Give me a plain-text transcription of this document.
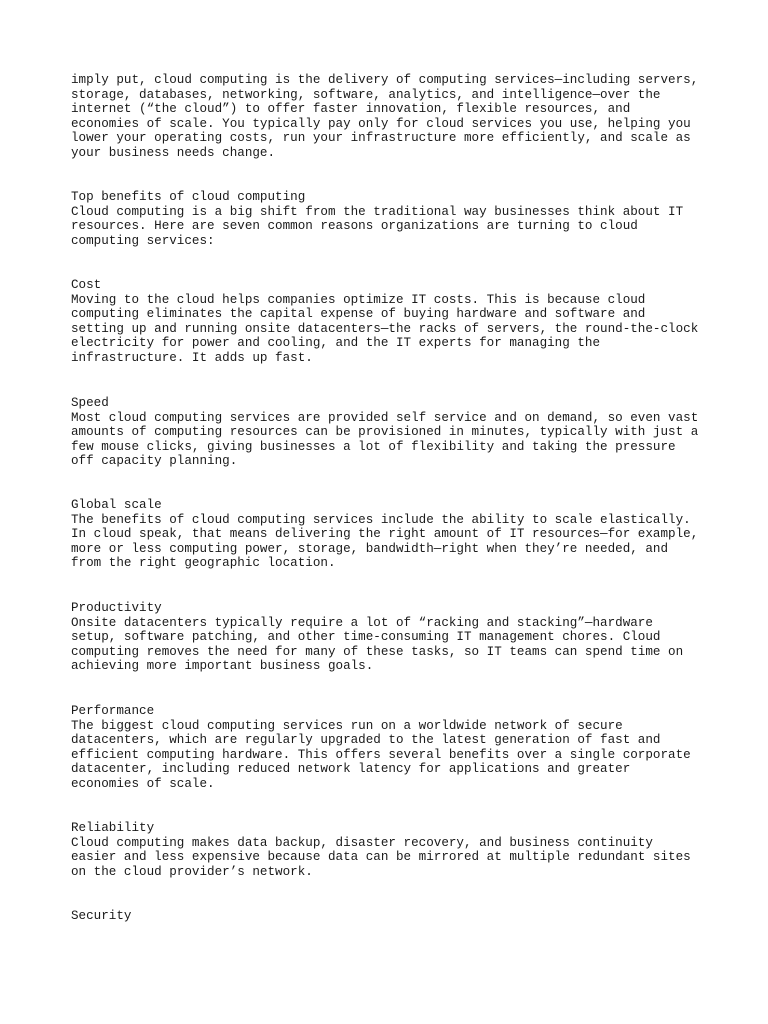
imply put, cloud computing is the delivery of computing services—including servers,

storage, databases, networking, software, analytics, and intelligence—over the

internet (“the cloud”) to offer faster innovation, flexible resources, and

economies of scale. You typically pay only for cloud services you use, helping you

lower your operating costs, run your infrastructure more efficiently, and scale as

your business needs change.

Top benefits of cloud computing

Cloud computing is a big shift from the traditional way businesses think about IT

resources. Here are seven common reasons organizations are turning to cloud

computing services:

Cost

Moving to the cloud helps companies optimize IT costs. This is because cloud

computing eliminates the capital expense of buying hardware and software and

setting up and running onsite datacenters—the racks of servers, the round-the-clock

electricity for power and cooling, and the IT experts for managing the

infrastructure. It adds up fast.

Speed

Most cloud computing services are provided self service and on demand, so even vast

amounts of computing resources can be provisioned in minutes, typically with just a

few mouse clicks, giving businesses a lot of flexibility and taking the pressure

off capacity planning.

Global scale

The benefits of cloud computing services include the ability to scale elastically.

In cloud speak, that means delivering the right amount of IT resources—for example,

more or less computing power, storage, bandwidth—right when they’re needed, and

from the right geographic location.

Productivity

Onsite datacenters typically require a lot of “racking and stacking”—hardware

setup, software patching, and other time-consuming IT management chores. Cloud

computing removes the need for many of these tasks, so IT teams can spend time on

achieving more important business goals.

Performance

The biggest cloud computing services run on a worldwide network of secure

datacenters, which are regularly upgraded to the latest generation of fast and

efficient computing hardware. This offers several benefits over a single corporate

datacenter, including reduced network latency for applications and greater

economies of scale.

Reliability

Cloud computing makes data backup, disaster recovery, and business continuity

easier and less expensive because data can be mirrored at multiple redundant sites

on the cloud provider’s network.

Security
